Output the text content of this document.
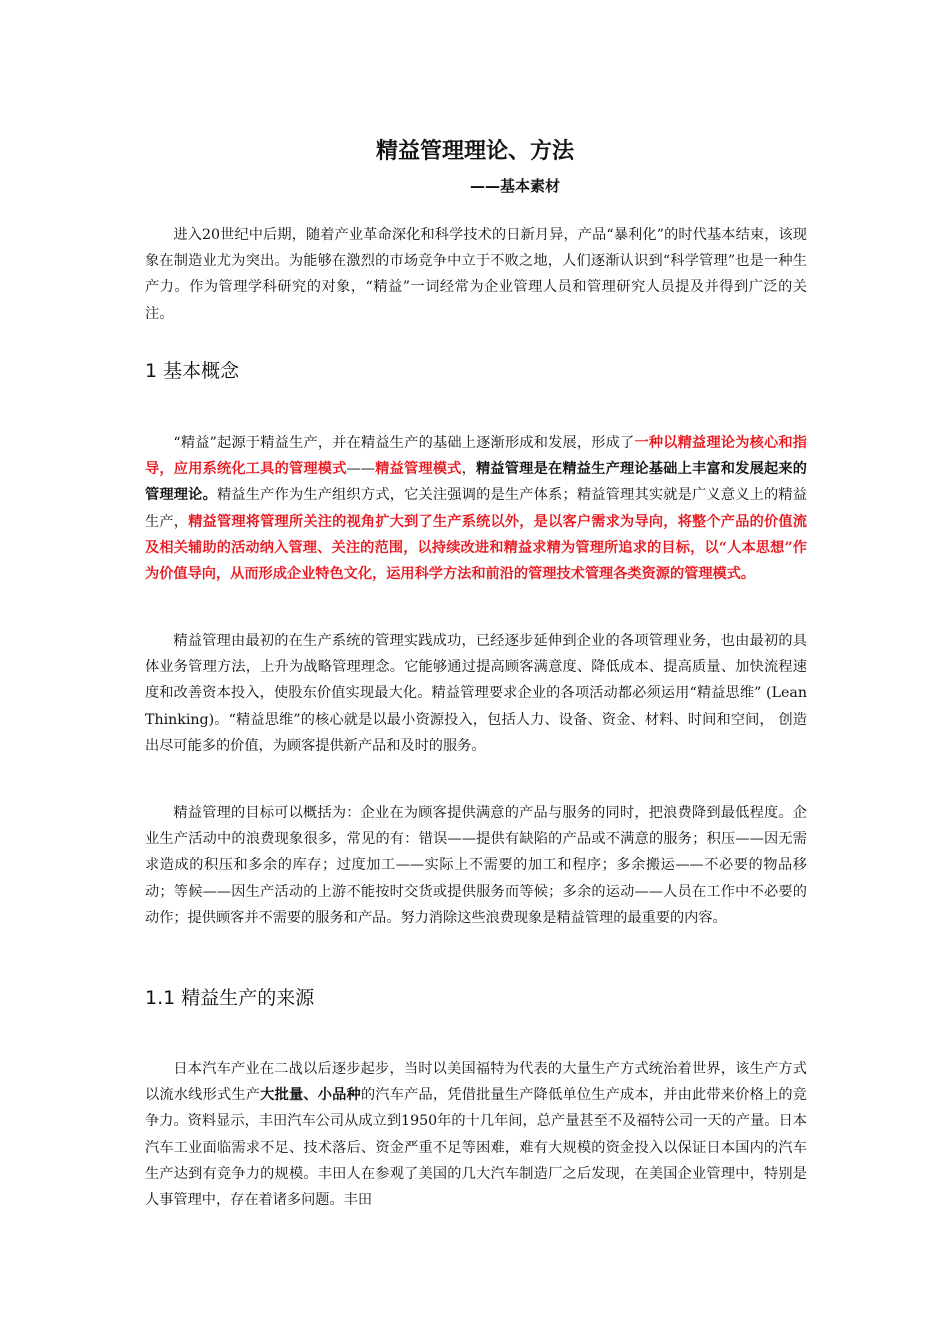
精益管理理论、方法
——基本素材

进入20世纪中后期，随着产业革命深化和科学技术的日新月异，产品“暴利化”的时代基本结束，该现象在制造业尤为突出。为能够在激烈的市场竞争中立于不败之地，人们逐渐认识到“科学管理”也是一种生产力。作为管理学科研究的对象，“精益”一词经常为企业管理人员和管理研究人员提及并得到广泛的关注。

1 基本概念

“精益”起源于精益生产，并在精益生产的基础上逐渐形成和发展，形成了一种以精益理论为核心和指导，应用系统化工具的管理模式——精益管理模式，精益管理是在精益生产理论基础上丰富和发展起来的管理理论。精益生产作为生产组织方式，它关注强调的是生产体系；精益管理其实就是广义意义上的精益生产，精益管理将管理所关注的视角扩大到了生产系统以外，是以客户需求为导向，将整个产品的价值流及相关辅助的活动纳入管理、关注的范围，以持续改进和精益求精为管理所追求的目标，以“人本思想”作为价值导向，从而形成企业特色文化，运用科学方法和前沿的管理技术管理各类资源的管理模式。

精益管理由最初的在生产系统的管理实践成功，已经逐步延伸到企业的各项管理业务，也由最初的具体业务管理方法，上升为战略管理理念。它能够通过提高顾客满意度、降低成本、提高质量、加快流程速度和改善资本投入，使股东价值实现最大化。精益管理要求企业的各项活动都必须运用“精益思维” (Lean Thinking)。“精益思维”的核心就是以最小资源投入，包括人力、设备、资金、材料、时间和空间， 创造出尽可能多的价值，为顾客提供新产品和及时的服务。

精益管理的目标可以概括为：企业在为顾客提供满意的产品与服务的同时，把浪费降到最低程度。企业生产活动中的浪费现象很多，常见的有：错误——提供有缺陷的产品或不满意的服务；积压——因无需求造成的积压和多余的库存；过度加工——实际上不需要的加工和程序；多余搬运——不必要的物品移动；等候——因生产活动的上游不能按时交货或提供服务而等候；多余的运动——人员在工作中不必要的动作；提供顾客并不需要的服务和产品。努力消除这些浪费现象是精益管理的最重要的内容。

1.1 精益生产的来源

日本汽车产业在二战以后逐步起步，当时以美国福特为代表的大量生产方式统治着世界，该生产方式以流水线形式生产大批量、小品种的汽车产品，凭借批量生产降低单位生产成本，并由此带来价格上的竞争力。资料显示，丰田汽车公司从成立到1950年的十几年间，总产量甚至不及福特公司一天的产量。日本汽车工业面临需求不足、技术落后、资金严重不足等困难，难有大规模的资金投入以保证日本国内的汽车生产达到有竞争力的规模。丰田人在参观了美国的几大汽车制造厂之后发现，在美国企业管理中，特别是人事管理中，存在着诸多问题。丰田
